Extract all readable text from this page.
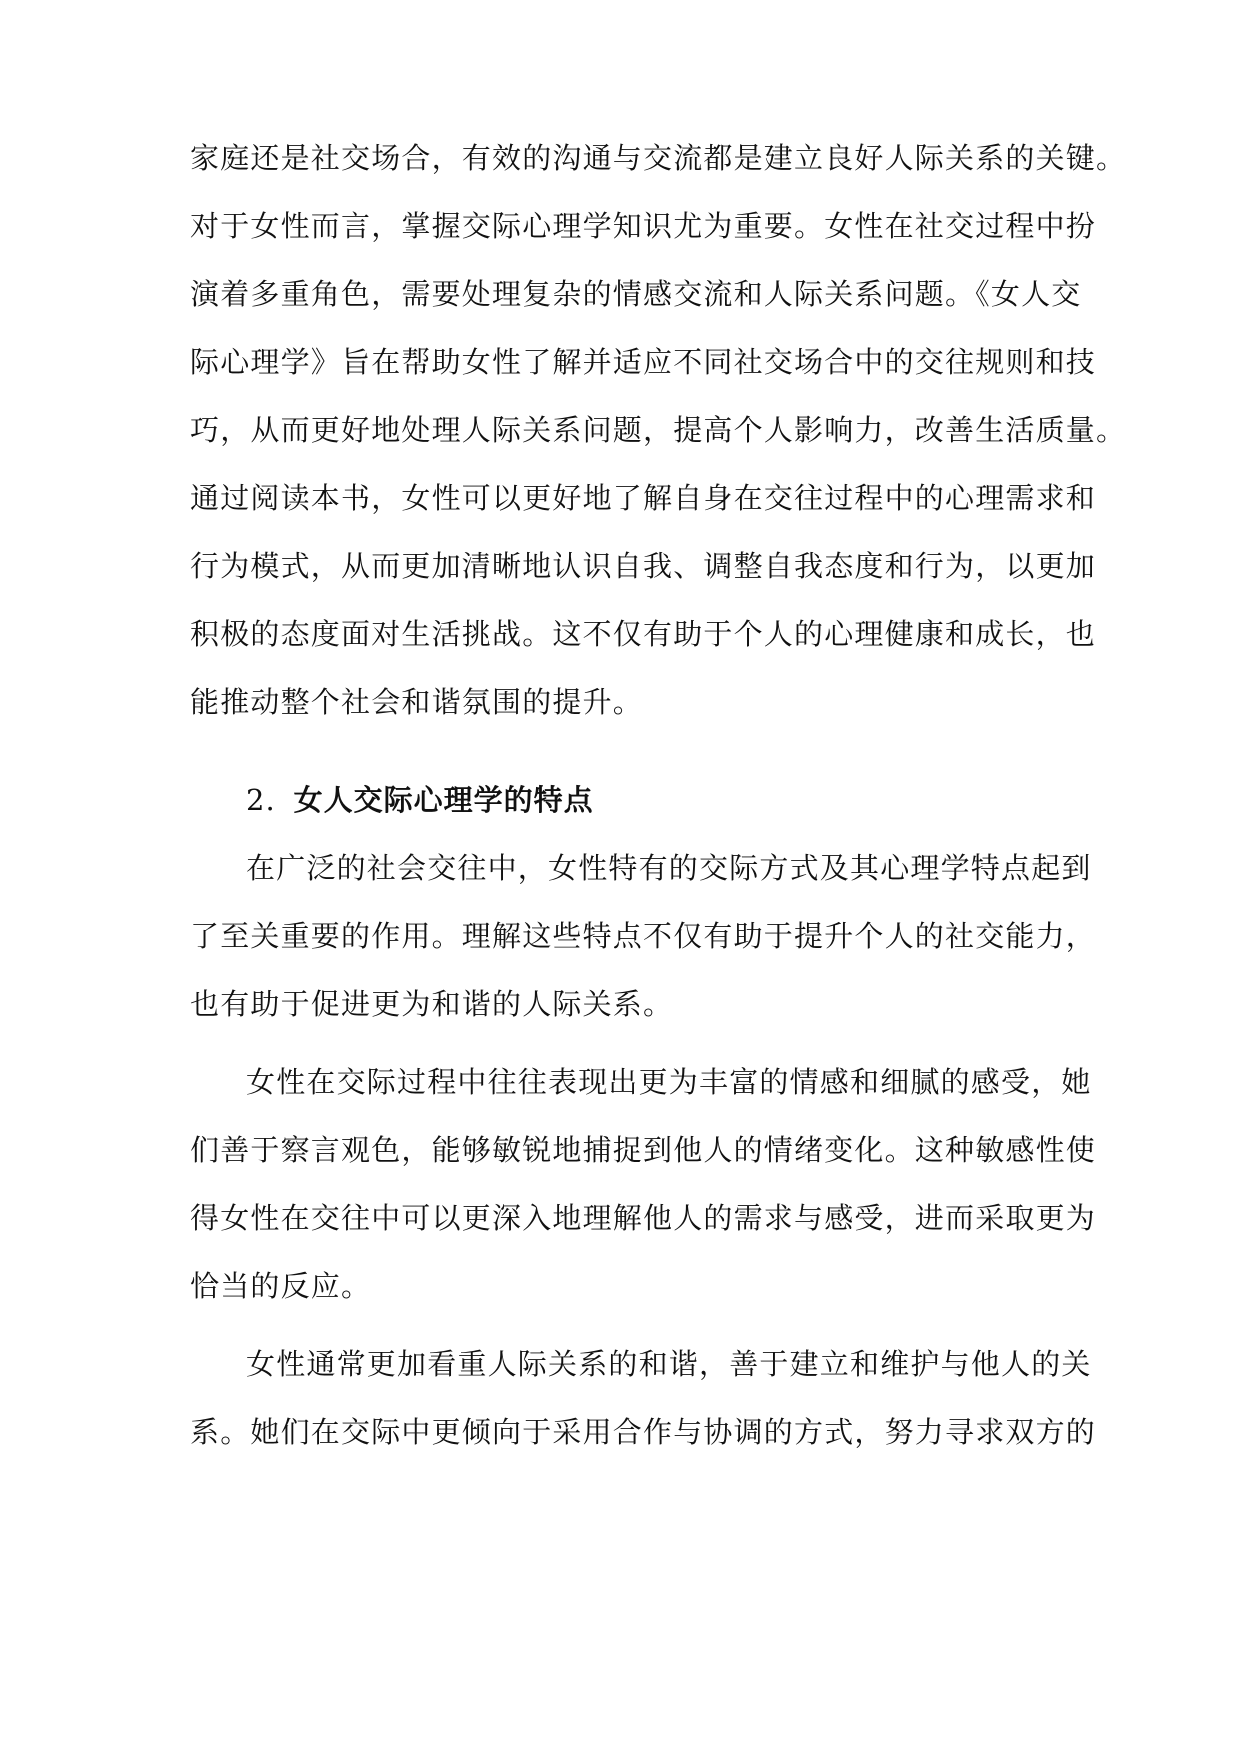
家庭还是社交场合，有效的沟通与交流都是建立良好人际关系的关键。
对于女性而言，掌握交际心理学知识尤为重要。女性在社交过程中扮
演着多重角色，需要处理复杂的情感交流和人际关系问题。《女人交
际心理学》旨在帮助女性了解并适应不同社交场合中的交往规则和技
巧，从而更好地处理人际关系问题，提高个人影响力，改善生活质量。
通过阅读本书，女性可以更好地了解自身在交往过程中的心理需求和
行为模式，从而更加清晰地认识自我、调整自我态度和行为，以更加
积极的态度面对生活挑战。这不仅有助于个人的心理健康和成长，也
能推动整个社会和谐氛围的提升。
2. 女人交际心理学的特点
在广泛的社会交往中，女性特有的交际方式及其心理学特点起到
了至关重要的作用。理解这些特点不仅有助于提升个人的社交能力，
也有助于促进更为和谐的人际关系。
女性在交际过程中往往表现出更为丰富的情感和细腻的感受，她
们善于察言观色，能够敏锐地捕捉到他人的情绪变化。这种敏感性使
得女性在交往中可以更深入地理解他人的需求与感受，进而采取更为
恰当的反应。
女性通常更加看重人际关系的和谐，善于建立和维护与他人的关
系。她们在交际中更倾向于采用合作与协调的方式，努力寻求双方的
